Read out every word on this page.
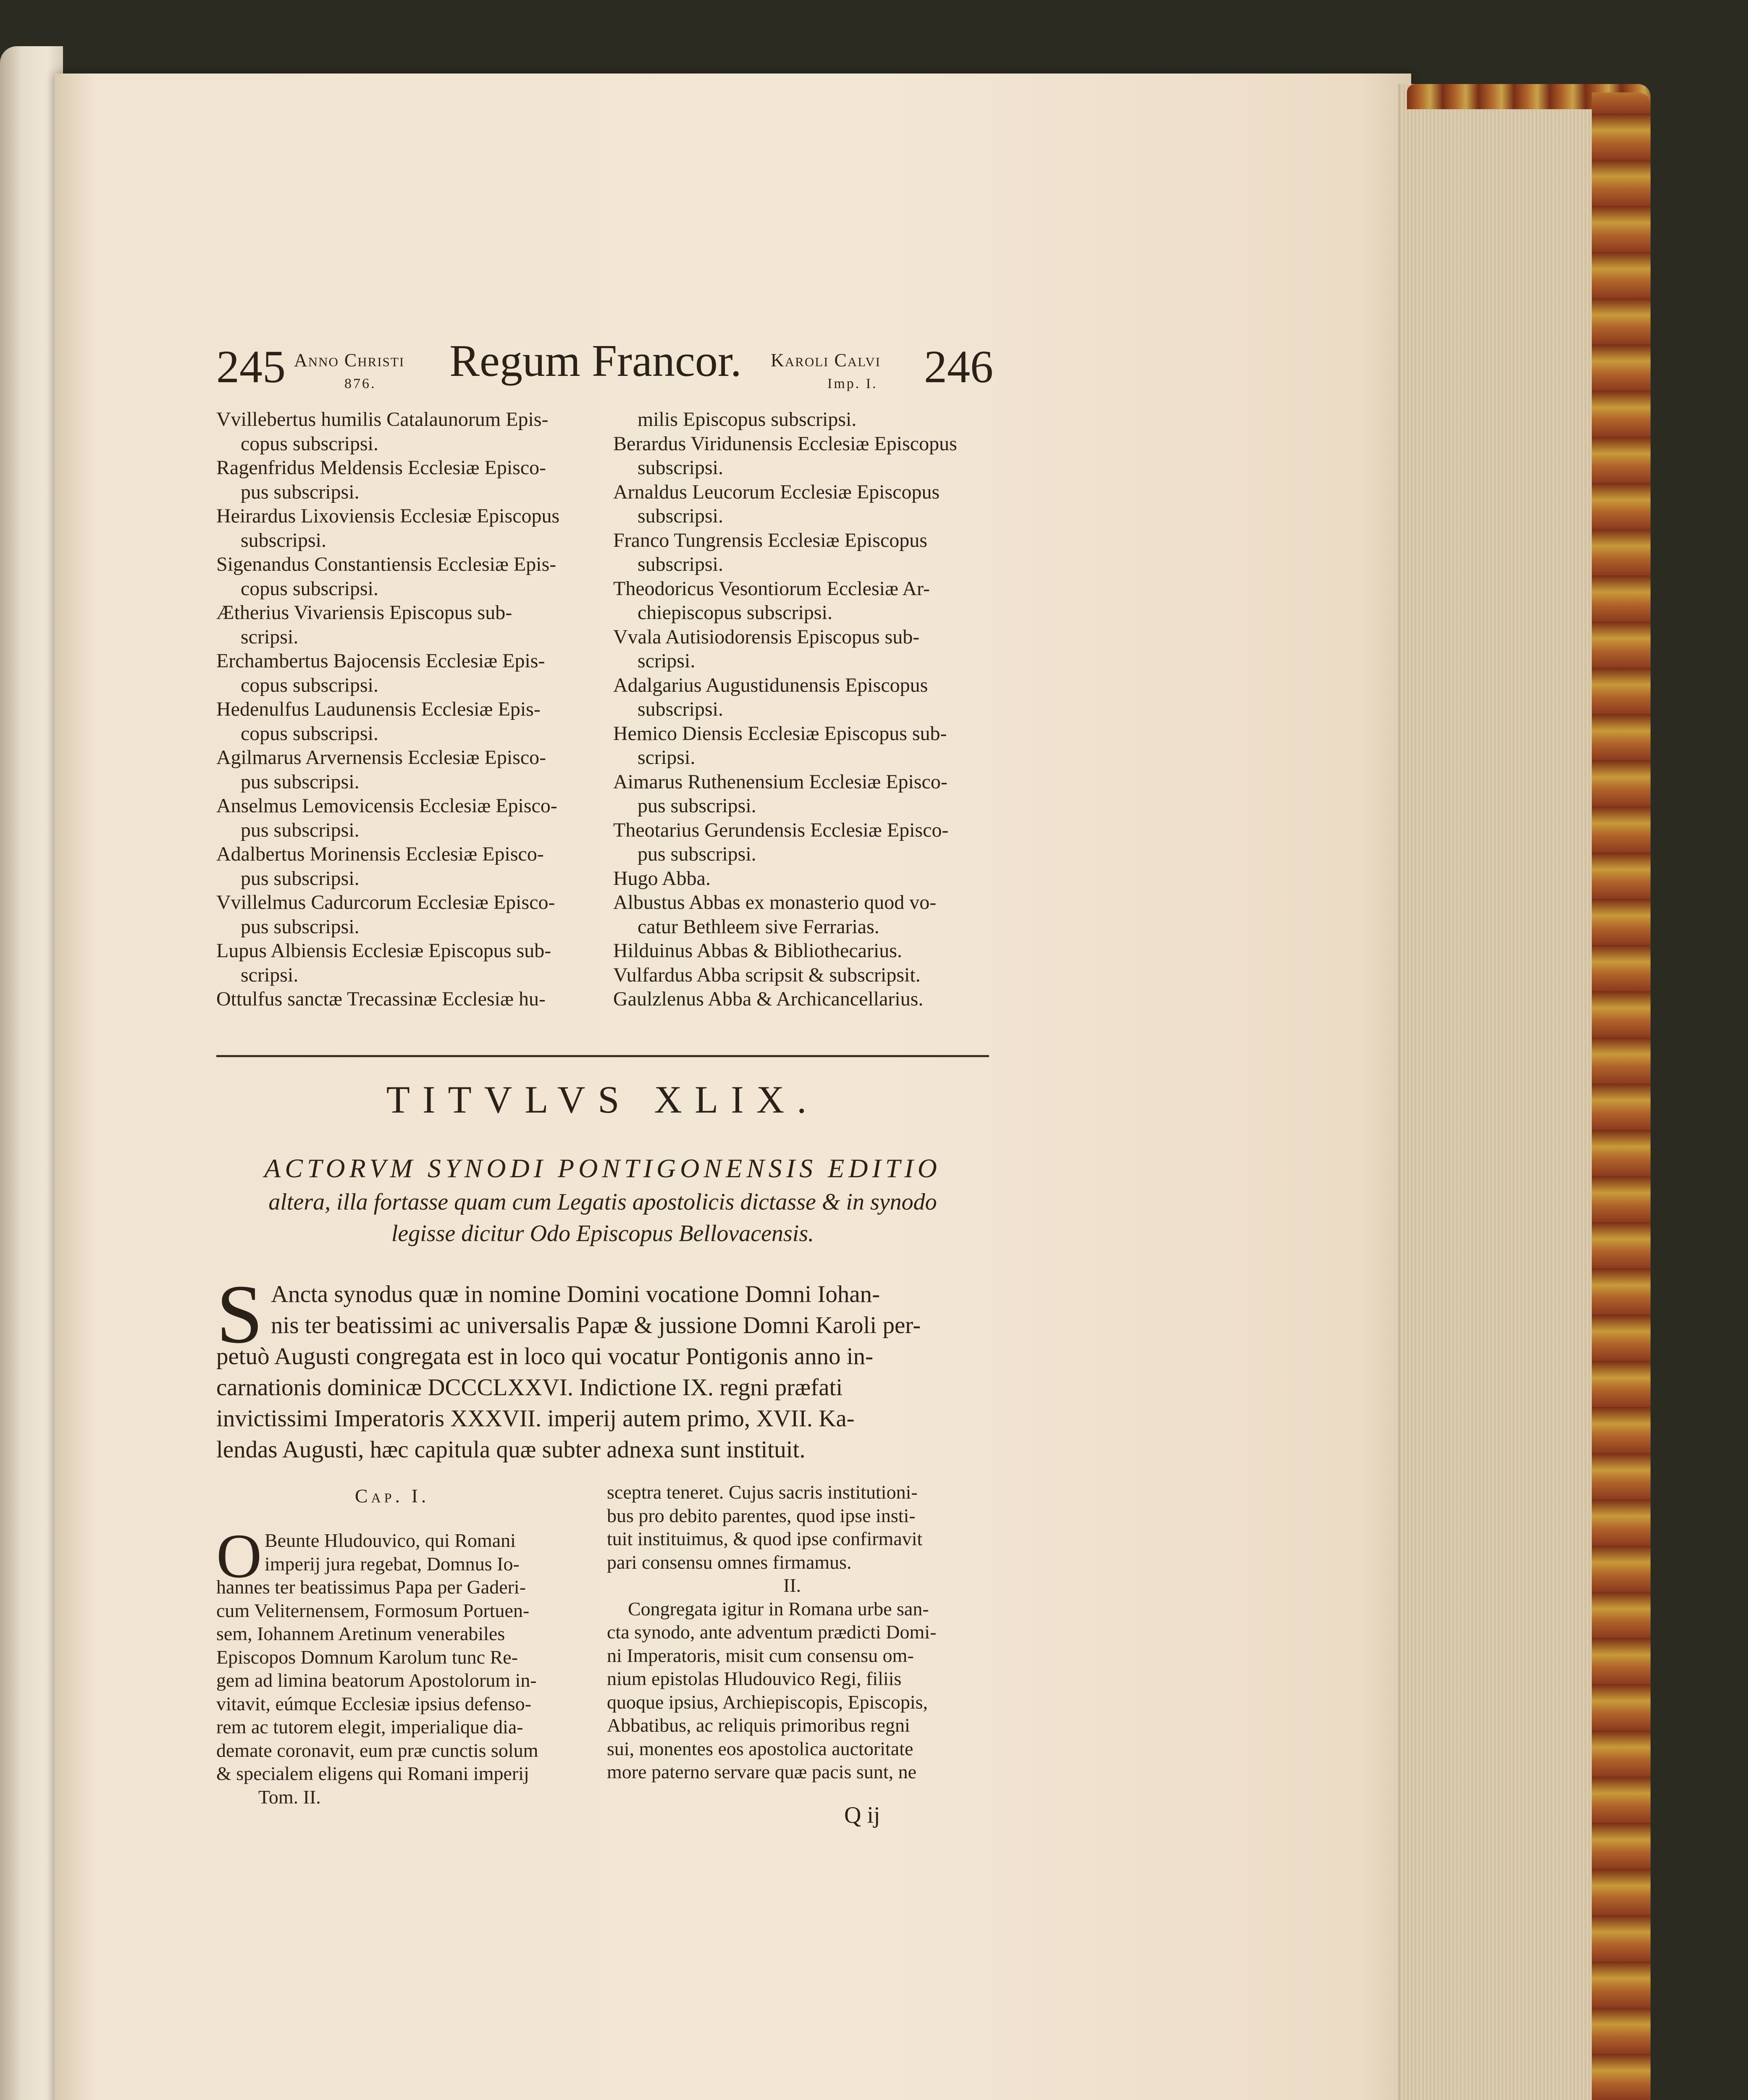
245 Anno Christi
876. Regum Francor. Karoli Calvi
Imp. I. 246
Vvillebertus humilis Catalaunorum Epis-
copus subscripsi.
Ragenfridus Meldensis Ecclesiæ Episco-
pus subscripsi.
Heirardus Lixoviensis Ecclesiæ Episcopus
subscripsi.
Sigenandus Constantiensis Ecclesiæ Epis-
copus subscripsi.
Ætherius Vivariensis Episcopus sub-
scripsi.
Erchambertus Bajocensis Ecclesiæ Epis-
copus subscripsi.
Hedenulfus Laudunensis Ecclesiæ Epis-
copus subscripsi.
Agilmarus Arvernensis Ecclesiæ Episco-
pus subscripsi.
Anselmus Lemovicensis Ecclesiæ Episco-
pus subscripsi.
Adalbertus Morinensis Ecclesiæ Episco-
pus subscripsi.
Vvillelmus Cadurcorum Ecclesiæ Episco-
pus subscripsi.
Lupus Albiensis Ecclesiæ Episcopus sub-
scripsi.
Ottulfus sanctæ Trecassinæ Ecclesiæ hu-
milis Episcopus subscripsi.
Berardus Viridunensis Ecclesiæ Episcopus
subscripsi.
Arnaldus Leucorum Ecclesiæ Episcopus
subscripsi.
Franco Tungrensis Ecclesiæ Episcopus
subscripsi.
Theodoricus Vesontiorum Ecclesiæ Ar-
chiepiscopus subscripsi.
Vvala Autisiodorensis Episcopus sub-
scripsi.
Adalgarius Augustidunensis Episcopus
subscripsi.
Hemico Diensis Ecclesiæ Episcopus sub-
scripsi.
Aimarus Ruthenensium Ecclesiæ Episco-
pus subscripsi.
Theotarius Gerundensis Ecclesiæ Episco-
pus subscripsi.
Hugo Abba.
Albustus Abbas ex monasterio quod vo-
catur Bethleem sive Ferrarias.
Hilduinus Abbas & Bibliothecarius.
Vulfardus Abba scripsit & subscripsit.
Gaulzlenus Abba & Archicancellarius.
TITVLVS XLIX.
ACTORVM SYNODI PONTIGONENSIS EDITIO
altera, illa fortasse quam cum Legatis apostolicis dictasse & in synodo
legisse dicitur Odo Episcopus Bellovacensis.
S Ancta synodus quæ in nomine Domini vocatione Domni Iohan-
nis ter beatissimi ac universalis Papæ & jussione Domni Karoli per-
petuò Augusti congregata est in loco qui vocatur Pontigonis anno in-
carnationis dominicæ DCCCLXXVI. Indictione IX. regni præfati
invictissimi Imperatoris XXXVII. imperij autem primo, XVII. Ka-
lendas Augusti, hæc capitula quæ subter adnexa sunt instituit.
Cap. I.
O Beunte Hludouvico, qui Romani
imperij jura regebat, Domnus Io-
hannes ter beatissimus Papa per Gaderi-
cum Veliternensem, Formosum Portuen-
sem, Iohannem Aretinum venerabiles
Episcopos Domnum Karolum tunc Re-
gem ad limina beatorum Apostolorum in-
vitavit, eúmque Ecclesiæ ipsius defenso-
rem ac tutorem elegit, imperialique dia-
demate coronavit, eum præ cunctis solum
& specialem eligens qui Romani imperij
Tom. II.
sceptra teneret. Cujus sacris institutioni-
bus pro debito parentes, quod ipse insti-
tuit instituimus, & quod ipse confirmavit
pari consensu omnes firmamus.
II.
Congregata igitur in Romana urbe san-
cta synodo, ante adventum prædicti Domi-
ni Imperatoris, misit cum consensu om-
nium epistolas Hludouvico Regi, filiis
quoque ipsius, Archiepiscopis, Episcopis,
Abbatibus, ac reliquis primoribus regni
sui, monentes eos apostolica auctoritate
more paterno servare quæ pacis sunt, ne
Q ij
